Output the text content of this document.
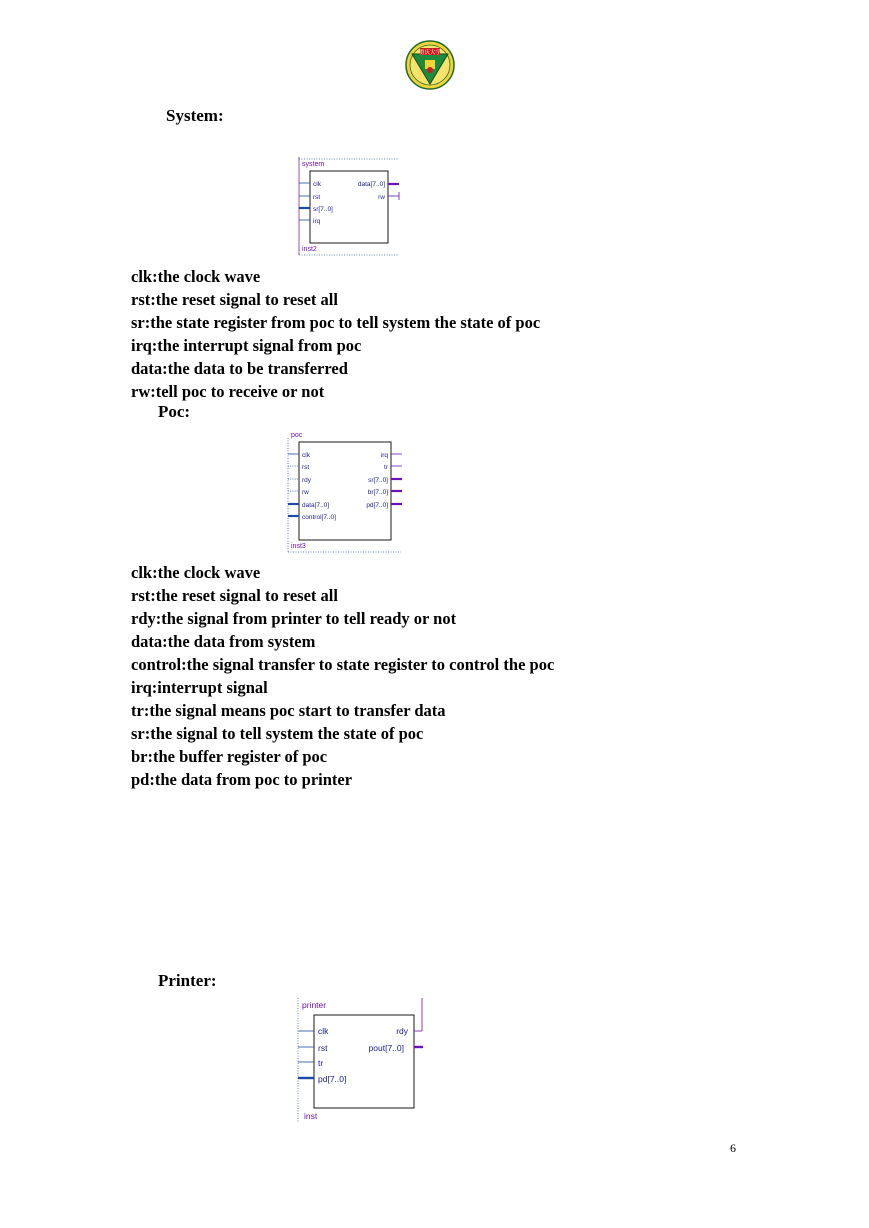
重庆大学
System:
system
clk
rst
sr[7..0]
irq
data[7..0]
rw
inst2
clk:the clock wave
rst:the reset signal to reset all
sr:the state register from poc to tell system the state of poc
irq:the interrupt signal from poc
data:the data to be transferred
rw:tell poc to receive or not
Poc:
poc
clk
rst
rdy
rw
data[7..0]
control[7..0]
irq
tr
sr[7..0]
br[7..0]
pd[7..0]
inst3
clk:the clock wave
rst:the reset signal to reset all
rdy:the signal from printer to tell ready or not
data:the data from system
control:the signal transfer to state register to control the poc
irq:interrupt signal
tr:the signal means poc start to transfer data
sr:the signal to tell system the state of poc
br:the buffer register of poc
pd:the data from poc to printer
Printer:
printer
clk
rst
tr
pd[7..0]
rdy
pout[7..0]
inst
6
